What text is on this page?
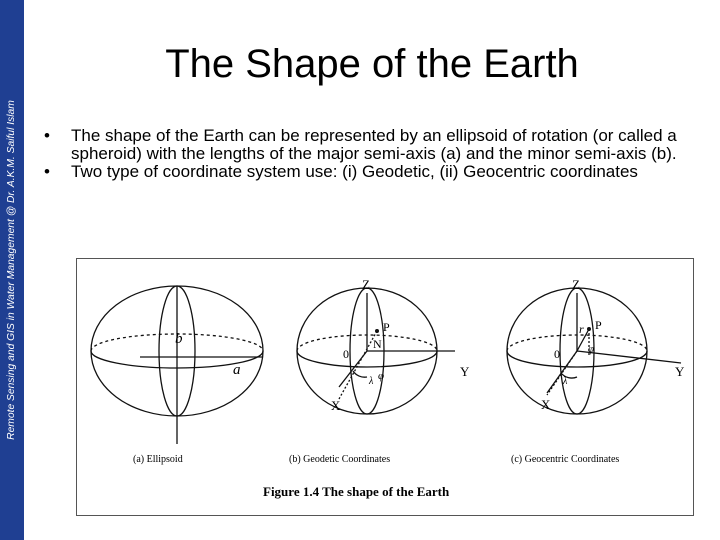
Remote Sensing and GIS in Water Management @ Dr. A.K.M. Saiful Islam
The Shape of the Earth
• The shape of the Earth can be represented by an ellipsoid of rotation (or called a spheroid) with the lengths of the major semi-axis (a) and the minor semi-axis (b).
• Two type of coordinate system use: (i) Geodetic, (ii) Geocentric coordinates
b
a
(a) Ellipsoid
Z
Y
X
0
P
N
φ
λ
(b) Geodetic Coordinates
Z
Y
X
0
P
r
φ
λ
(c) Geocentric Coordinates
Figure 1.4 The shape of the Earth
